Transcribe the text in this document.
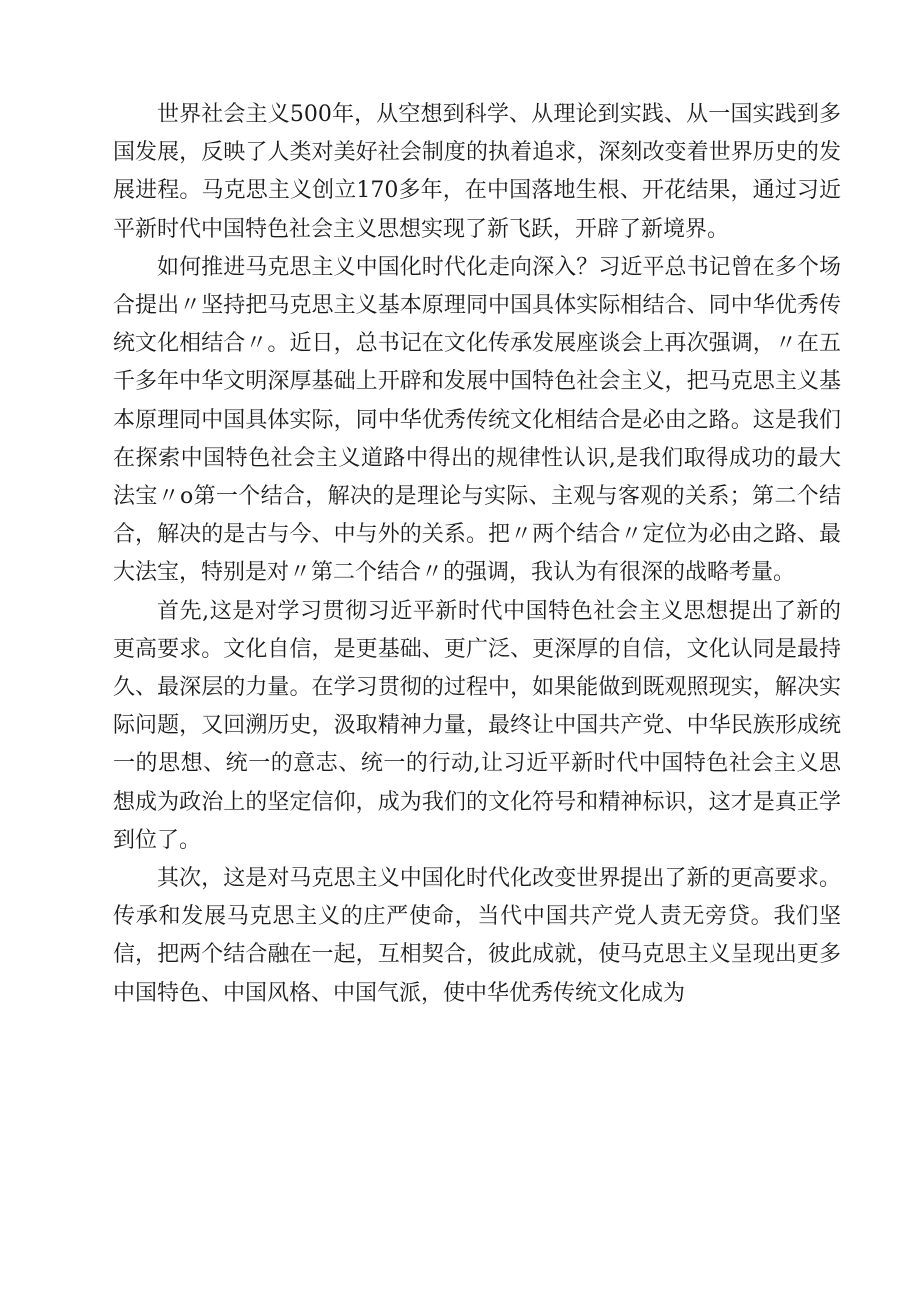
世界社会主义500年，从空想到科学、从理论到实践、从一国实践到多国发展，反映了人类对美好社会制度的执着追求，深刻改变着世界历史的发展进程。马克思主义创立170多年，在中国落地生根、开花结果，通过习近平新时代中国特色社会主义思想实现了新飞跃，开辟了新境界。

如何推进马克思主义中国化时代化走向深入？习近平总书记曾在多个场合提出〃坚持把马克思主义基本原理同中国具体实际相结合、同中华优秀传统文化相结合〃。近日，总书记在文化传承发展座谈会上再次强调，〃在五千多年中华文明深厚基础上开辟和发展中国特色社会主义，把马克思主义基本原理同中国具体实际，同中华优秀传统文化相结合是必由之路。这是我们在探索中国特色社会主义道路中得出的规律性认识,是我们取得成功的最大法宝〃o第一个结合，解决的是理论与实际、主观与客观的关系；第二个结合，解决的是古与今、中与外的关系。把〃两个结合〃定位为必由之路、最大法宝，特别是对〃第二个结合〃的强调，我认为有很深的战略考量。

首先,这是对学习贯彻习近平新时代中国特色社会主义思想提出了新的更高要求。文化自信，是更基础、更广泛、更深厚的自信，文化认同是最持久、最深层的力量。在学习贯彻的过程中，如果能做到既观照现实，解决实际问题，又回溯历史，汲取精神力量，最终让中国共产党、中华民族形成统一的思想、统一的意志、统一的行动,让习近平新时代中国特色社会主义思想成为政治上的坚定信仰，成为我们的文化符号和精神标识，这才是真正学到位了。

其次，这是对马克思主义中国化时代化改变世界提出了新的更高要求。传承和发展马克思主义的庄严使命，当代中国共产党人责无旁贷。我们坚信，把两个结合融在一起，互相契合，彼此成就，使马克思主义呈现出更多中国特色、中国风格、中国气派，使中华优秀传统文化成为
